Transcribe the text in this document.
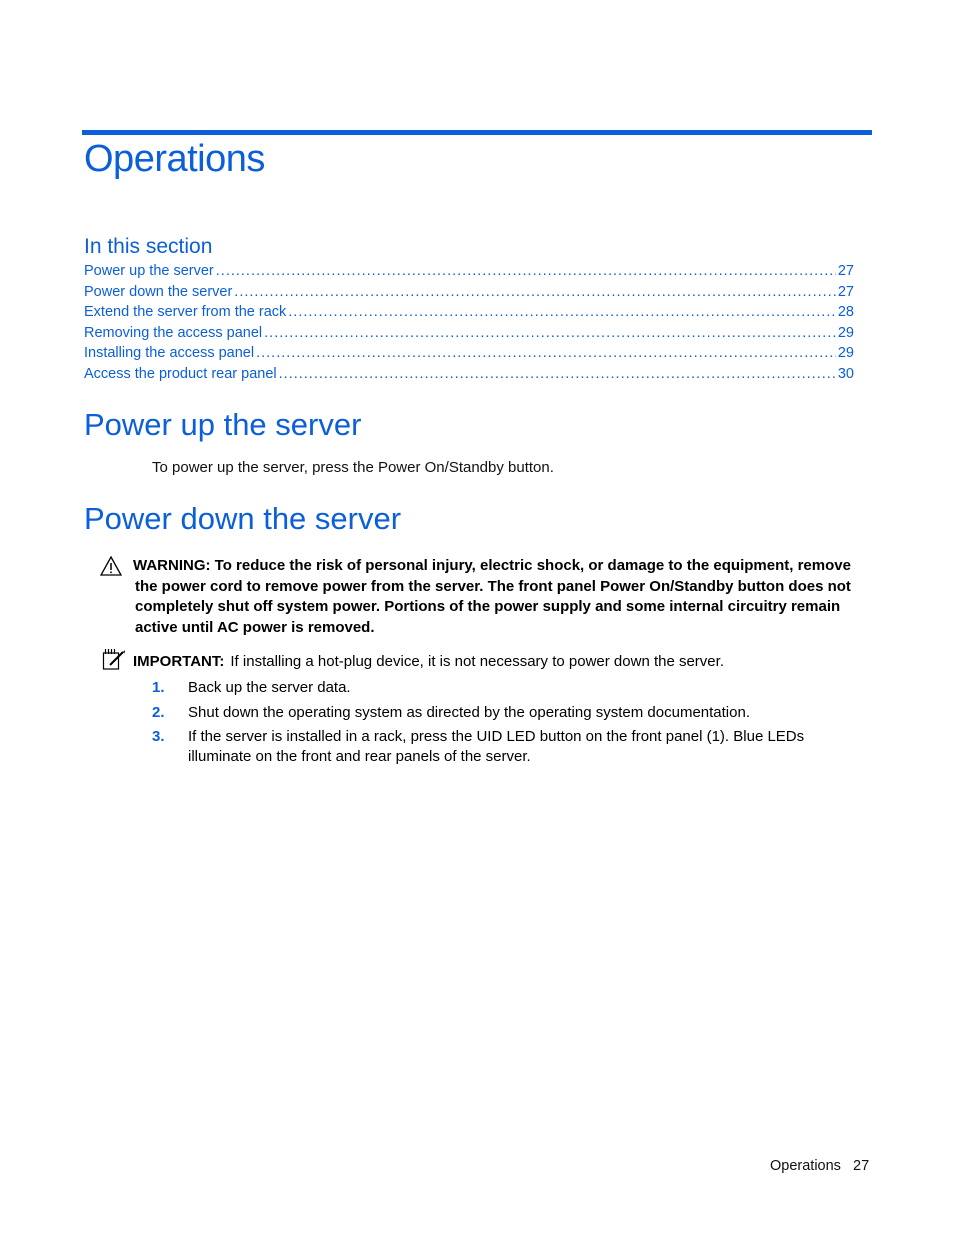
Operations
In this section
Power up the server .....	27
Power down the server .....	27
Extend the server from the rack .....	28
Removing the access panel .....	29
Installing the access panel .....	29
Access the product rear panel .....	30
Power up the server
To power up the server, press the Power On/Standby button.
Power down the server
WARNING: To reduce the risk of personal injury, electric shock, or damage to the equipment, remove the power cord to remove power from the server. The front panel Power On/Standby button does not completely shut off system power. Portions of the power supply and some internal circuitry remain active until AC power is removed.
IMPORTANT: If installing a hot-plug device, it is not necessary to power down the server.
1. Back up the server data.
2. Shut down the operating system as directed by the operating system documentation.
3. If the server is installed in a rack, press the UID LED button on the front panel (1). Blue LEDs illuminate on the front and rear panels of the server.
Operations 27
